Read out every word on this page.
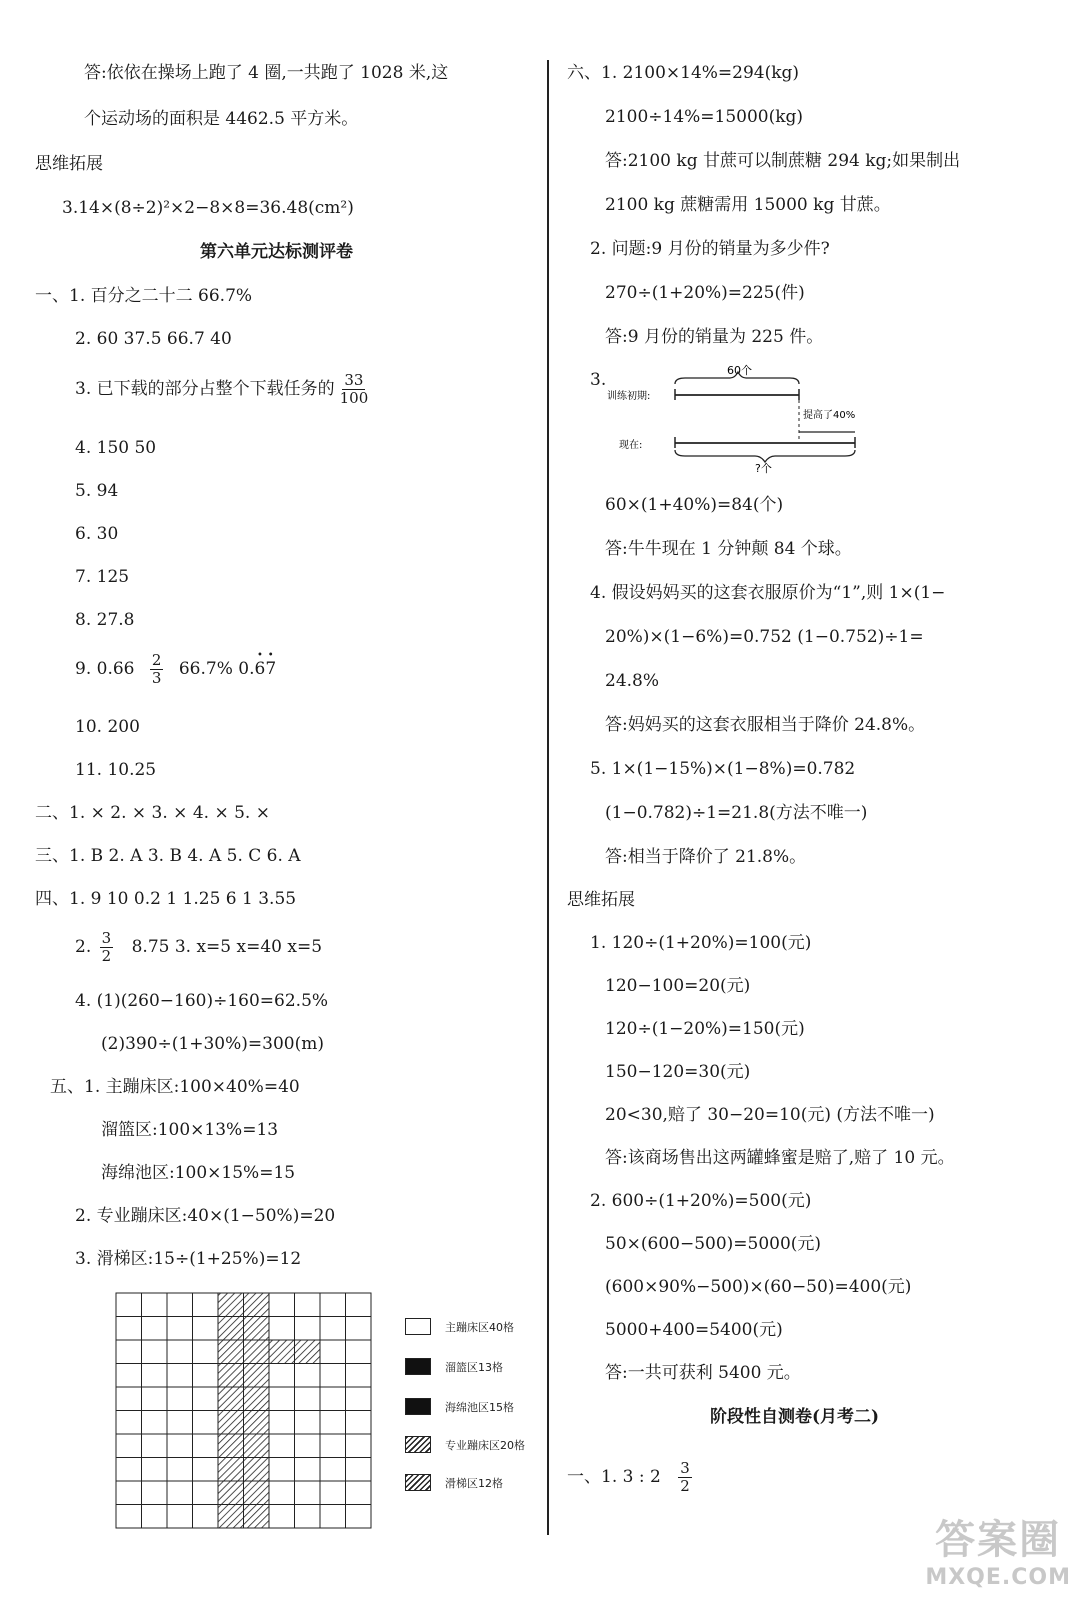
答:依依在操场上跑了 4 圈,一共跑了 1028 米,这
个运动场的面积是 4462.5 平方米。
思维拓展
3.14×(8÷2)²×2−8×8=36.48(cm²)
第六单元达标测评卷
一、1. 百分之二十二 66.7%
2. 60 37.5 66.7 40
3. 已下载的部分占整个下载任务的 $\frac{33}{100}$
4. 150 50
5. 94
6. 30
7. 125
8. 27.8
9. $0.66 \frac{2}{3} 66.7\%$ 0.• 6• 7
10. 200
11. 10.25
二、1. × 2. × 3. × 4. × 5. ×
三、1. B 2. A 3. B 4. A 5. C 6. A
四、1. 9 10 0.2 1 1.25 6 1 3.55
2. $\frac{3}{2} 8.75$ 3. x=5 x=40 x=5
4. (1)(260−160)÷160=62.5%
(2)390÷(1+30%)=300(m)
五、1. 主蹦床区:100×40%=40
溜篮区:100×13%=13
海绵池区:100×15%=15
2. 专业蹦床区:40×(1−50%)=20
3. 滑梯区:15÷(1+25%)=12
主蹦床区40格
溜篮区13格
海绵池区15格
专业蹦床区20格
滑梯区12格
六、1. 2100×14%=294(kg)
2100÷14%=15000(kg)
答:2100 kg 甘蔗可以制蔗糖 294 kg;如果制出
2100 kg 蔗糖需用 15000 kg 甘蔗。
2. 问题:9 月份的销量为多少件?
270÷(1+20%)=225(件)
答:9 月份的销量为 225 件。
3.	60个
训练初期:
提高了40%
现在:
?个
60×(1+40%)=84(个)
答:牛牛现在 1 分钟颠 84 个球。
4. 假设妈妈买的这套衣服原价为“1”,则 1×(1−
20%)×(1−6%)=0.752 (1−0.752)÷1=
24.8%
答:妈妈买的这套衣服相当于降价 24.8%。
5. 1×(1−15%)×(1−8%)=0.782
(1−0.782)÷1=21.8(方法不唯一)
答:相当于降价了 21.8%。
思维拓展
1. 120÷(1+20%)=100(元)
120−100=20(元)
120÷(1−20%)=150(元)
150−120=30(元)
20<30,赔了 30−20=10(元) (方法不唯一)
答:该商场售出这两罐蜂蜜是赔了,赔了 10 元。
2. 600÷(1+20%)=500(元)
50×(600−500)=5000(元)
(600×90%−500)×(60−50)=400(元)
5000+400=5400(元)
答:一共可获利 5400 元。
阶段性自测卷(月考二)
一、1. 3 : $2 \frac{3}{2}$
答案圈
MXQE.COM
